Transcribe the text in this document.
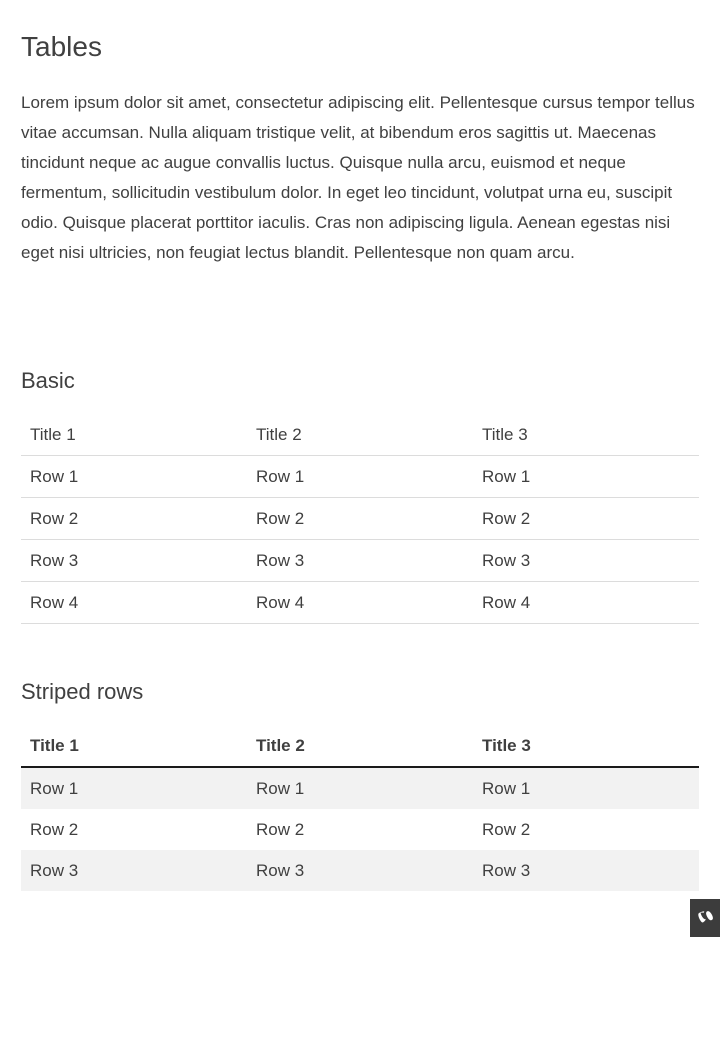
Tables

Lorem ipsum dolor sit amet, consectetur adipiscing elit. Pellentesque cursus tempor tellus vitae accumsan. Nulla aliquam tristique velit, at bibendum eros sagittis ut. Maecenas tincidunt neque ac augue convallis luctus. Quisque nulla arcu, euismod et neque fermentum, sollicitudin vestibulum dolor. In eget leo tincidunt, volutpat urna eu, suscipit odio. Quisque placerat porttitor iaculis. Cras non adipiscing ligula. Aenean egestas nisi eget nisi ultricies, non feugiat lectus blandit. Pellentesque non quam arcu.

Basic
Title 1	Title 2	Title 3
Row 1	Row 1	Row 1
Row 2	Row 2	Row 2
Row 3	Row 3	Row 3
Row 4	Row 4	Row 4
Striped rows
Title 1	Title 2	Title 3
Row 1	Row 1	Row 1
Row 2	Row 2	Row 2
Row 3	Row 3	Row 3
